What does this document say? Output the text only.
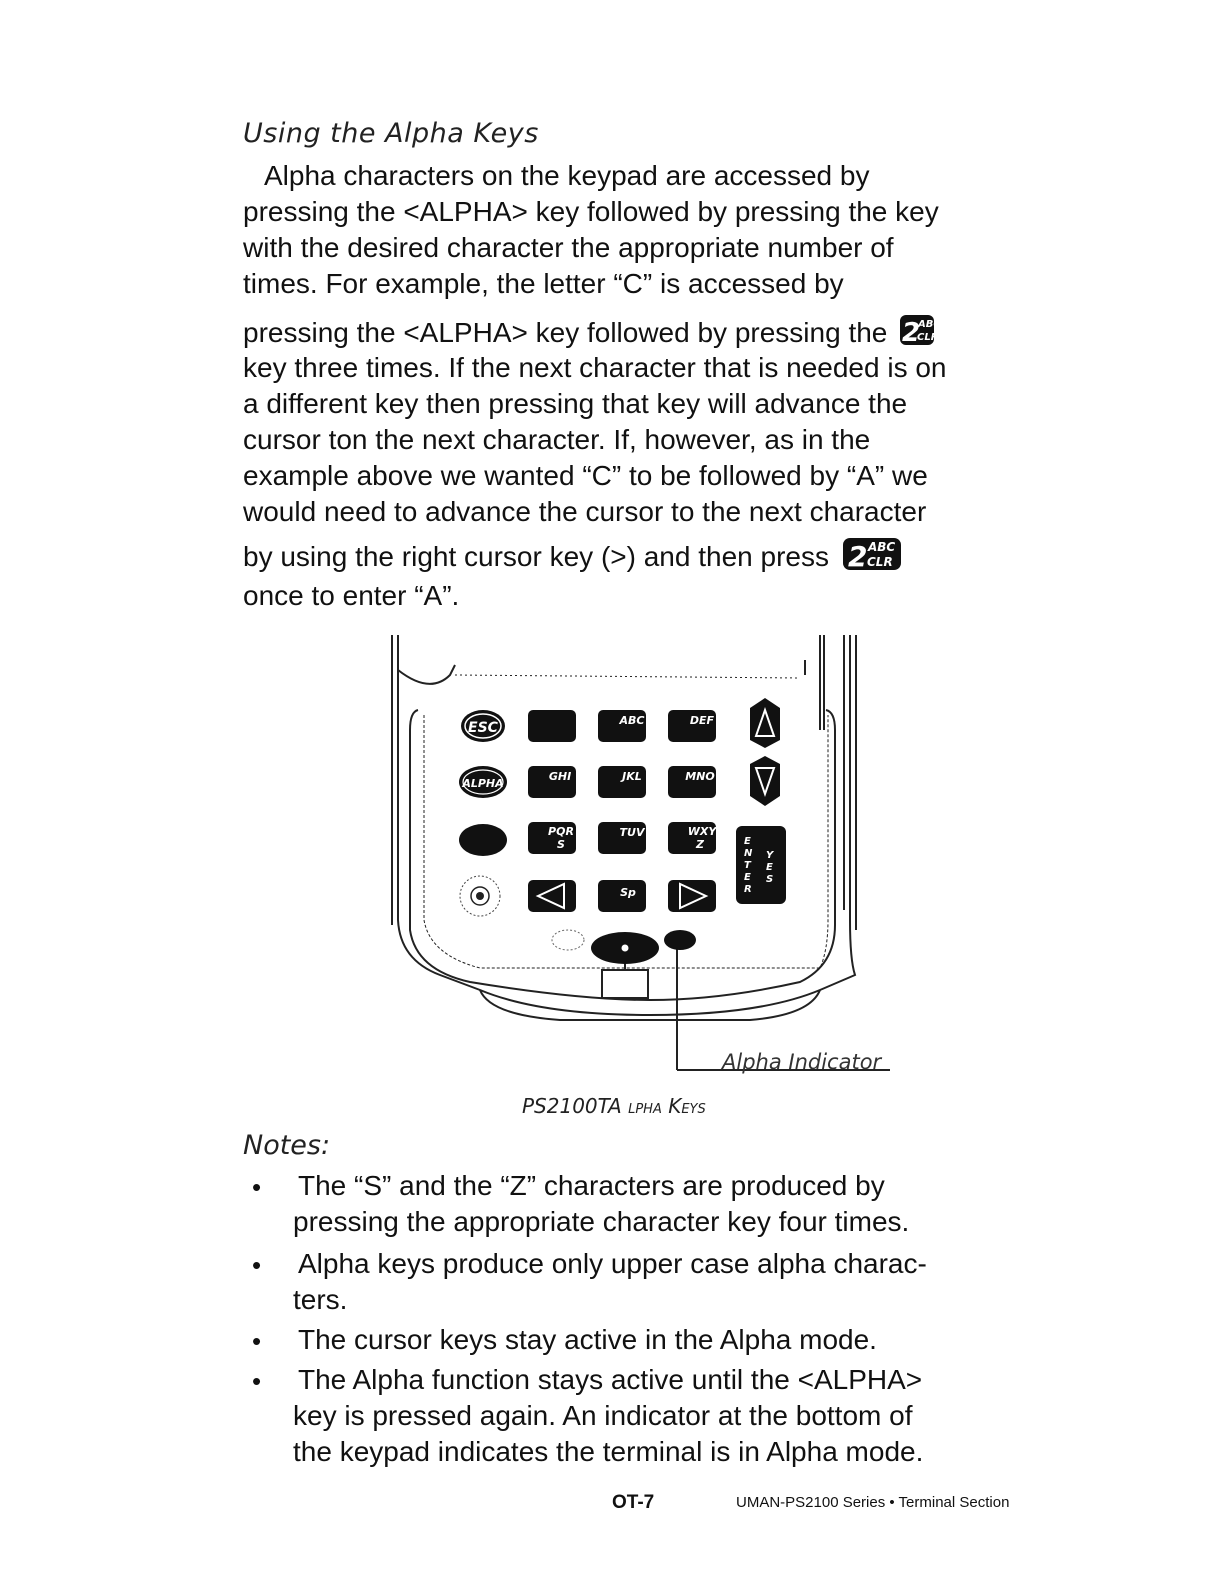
Using the Alpha Keys
Alpha characters on the keypad are accessed by
pressing the <ALPHA> key followed by pressing the key
with the desired character the appropriate number of
times. For example, the letter “C” is accessed by
pressing the <ALPHA> key followed by pressing the 2
ABC
CLR
key three times. If the next character that is needed is on
a different key then pressing that key will advance the
cursor ton the next character. If, however, as in the
example above we wanted “C” to be followed by “A” we
would need to advance the cursor to the next character
by using the right cursor key (>) and then press 2 ABC
CLR
once to enter “A”.
ESC	ABC	DEF
ALPHA
GHI	JKL	MNO
PQR
S
TUV	WXY
Z	E
N
T
E
R
Y
E
S
Sp
Alpha Indicator
PS2100TA LPHA KEYS
Notes:
• The “S” and the “Z” characters are produced by
pressing the appropriate character key four times.
• Alpha keys produce only upper case alpha charac-
ters.
• The cursor keys stay active in the Alpha mode.
• The Alpha function stays active until the <ALPHA>
key is pressed again. An indicator at the bottom of
the keypad indicates the terminal is in Alpha mode.
OT-7	UMAN-PS2100 Series • Terminal Section
